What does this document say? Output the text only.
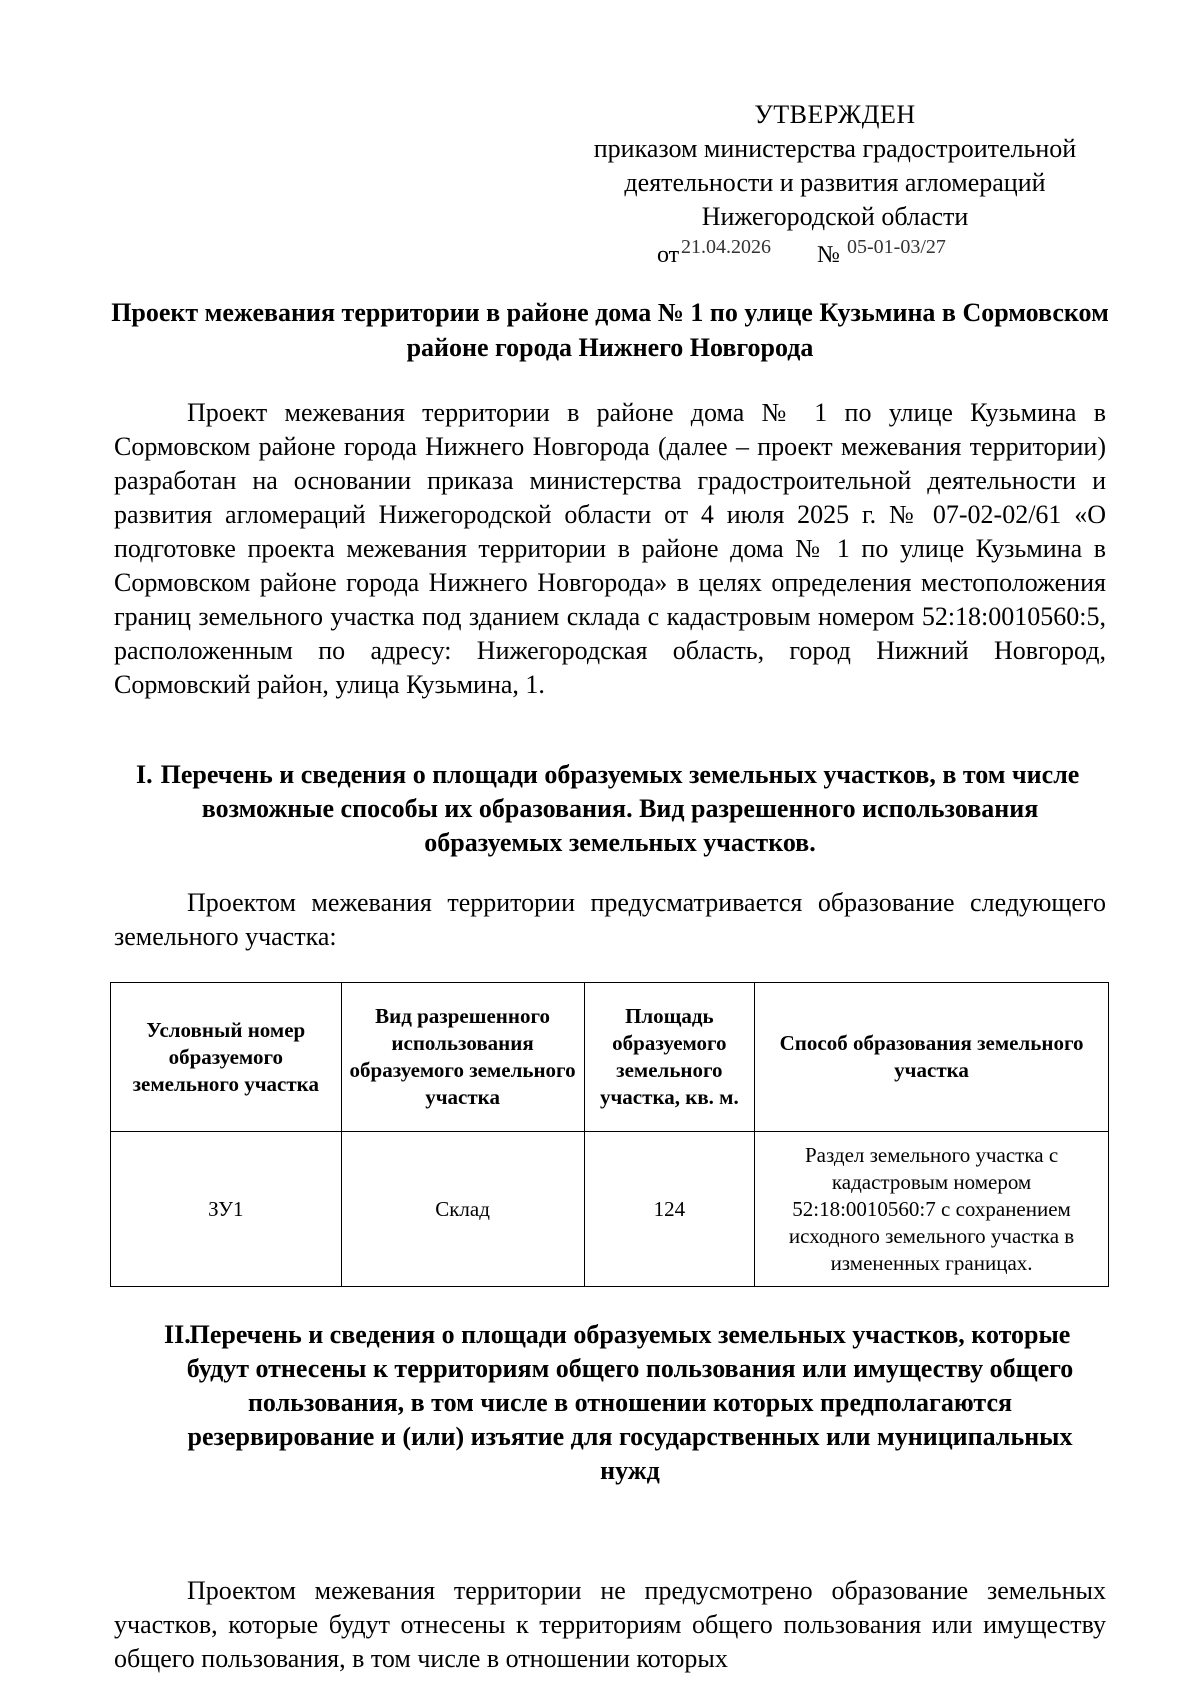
УТВЕРЖДЕН
приказом министерства градостроительной
деятельности и развития агломераций
Нижегородской области
от 21.04.2026 № 05-01-03/27
Проект межевания территории в районе дома № 1 по улице Кузьмина в Сормовском районе города Нижнего Новгорода
Проект межевания территории в районе дома № 1 по улице Кузьмина в Сормовском районе города Нижнего Новгорода (далее – проект межевания территории) разработан на основании приказа министерства градостроительной деятельности и развития агломераций Нижегородской области от 4 июля 2025 г. № 07-02-02/61 «О подготовке проекта межевания территории в районе дома № 1 по улице Кузьмина в Сормовском районе города Нижнего Новгорода» в целях определения местоположения границ земельного участка под зданием склада с кадастровым номером 52:18:0010560:5, расположенным по адресу: Нижегородская область, город Нижний Новгород, Сормовский район, улица Кузьмина, 1.
I. Перечень и сведения о площади образуемых земельных участков, в том числе возможные способы их образования. Вид разрешенного использования образуемых земельных участков.
Проектом межевания территории предусматривается образование следующего земельного участка:
Условный номер образуемого земельного участка	Вид разрешенного использования образуемого земельного участка	Площадь образуемого земельного участка, кв. м.	Способ образования земельного участка
ЗУ1	Склад	124	Раздел земельного участка с кадастровым номером 52:18:0010560:7 с сохранением исходного земельного участка в измененных границах.
II.
Перечень и сведения о площади образуемых земельных участков, которые будут отнесены к территориям общего пользования или имуществу общего пользования, в том числе в отношении которых предполагаются резервирование и (или) изъятие для государственных или муниципальных нужд
Проектом межевания территории не предусмотрено образование земельных участков, которые будут отнесены к территориям общего пользования или имуществу общего пользования, в том числе в отношении которых
